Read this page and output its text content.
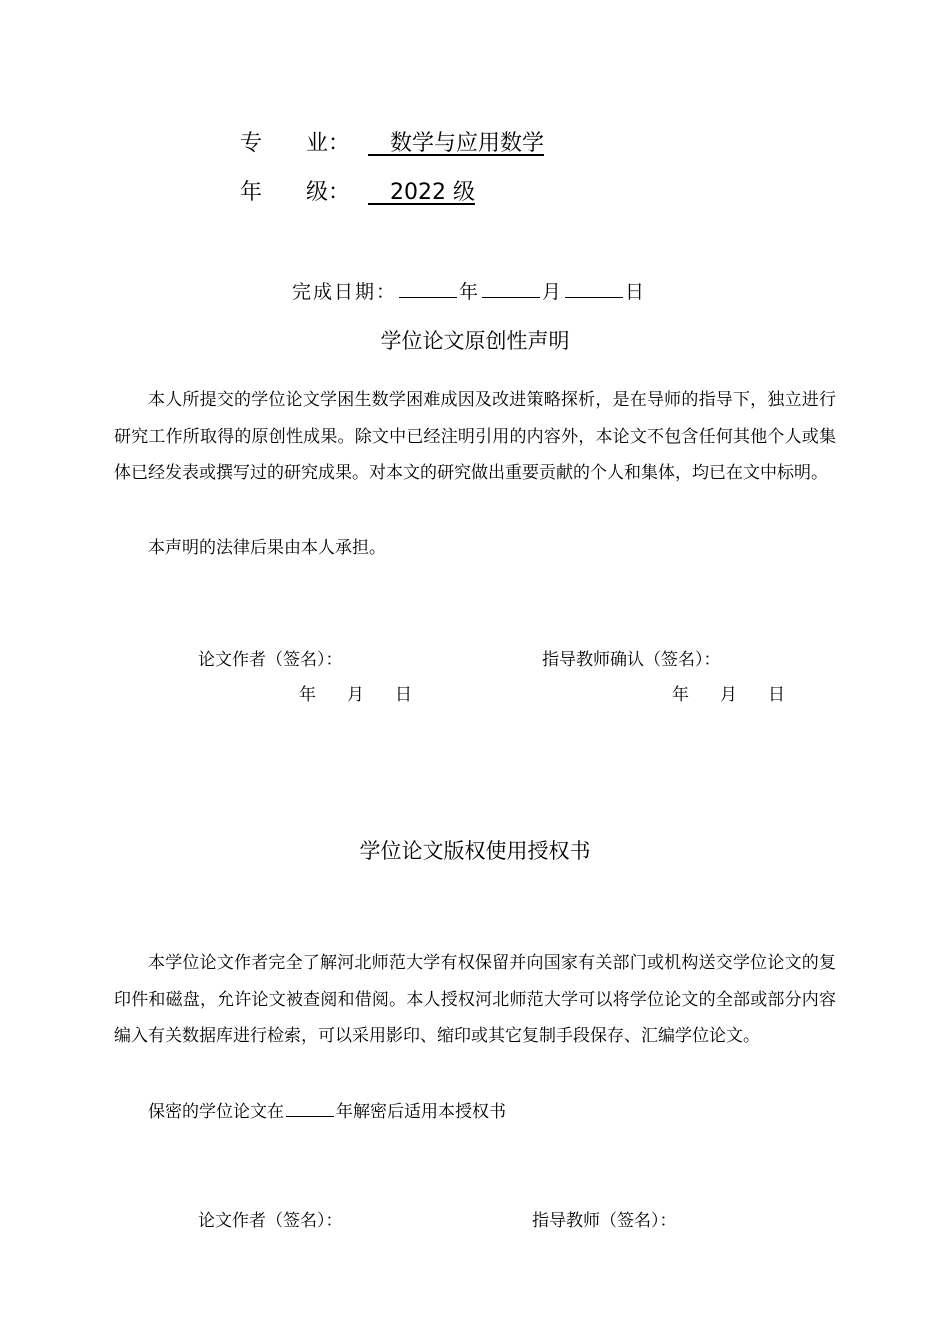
专　　业： 　数学与应用数学
年　　级： 　2022 级
完成日期：	年	月	日
学位论文原创性声明
本人所提交的学位论文学困生数学困难成因及改进策略探析，是在导师的指导下，独立进行研究工作所取得的原创性成果。除文中已经注明引用的内容外，本论文不包含任何其他个人或集体已经发表或撰写过的研究成果。对本文的研究做出重要贡献的个人和集体，均已在文中标明。
本声明的法律后果由本人承担。
论文作者（签名）：	指导教师确认（签名）：
年 月 日	年 月 日
学位论文版权使用授权书
本学位论文作者完全了解河北师范大学有权保留并向国家有关部门或机构送交学位论文的复印件和磁盘，允许论文被查阅和借阅。本人授权河北师范大学可以将学位论文的全部或部分内容编入有关数据库进行检索，可以采用影印、缩印或其它复制手段保存、汇编学位论文。
保密的学位论文在	年解密后适用本授权书
论文作者（签名）：	指导教师（签名）：
